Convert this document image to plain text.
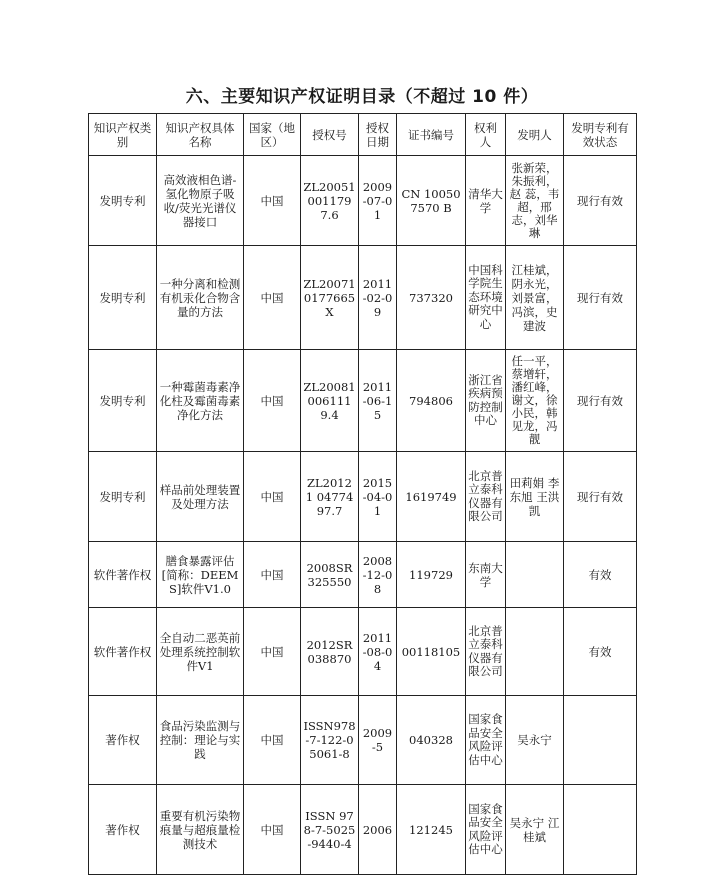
六、主要知识产权证明目录（不超过 10 件）
知识产权类别	知识产权具体名称	国家（地区）	授权号	授权日期	证书编号	权利人	发明人	发明专利有效状态
发明专利	高效液相色谱-氢化物原子吸收/荧光光谱仪器接口	中国	ZL200510011797.6	2009-07-01	CN 100507570 B	清华大学	张新荣，朱振利，赵 蕊，韦 超，邢 志，刘华琳	现行有效
发明专利	一种分离和检测有机汞化合物含量的方法	中国	ZL200710177665X	2011-02-09	737320	中国科学院生态环境研究中心	江桂斌，阴永光，刘景富，冯滨，史建波	现行有效
发明专利	一种霉菌毒素净化柱及霉菌毒素净化方法	中国	ZL200810061119.4	2011-06-15	794806	浙江省疾病预防控制中心	任一平，蔡增轩，潘红峰，谢文，徐小民，韩见龙，冯靓	现行有效
发明专利	样品前处理装置及处理方法	中国	ZL2012 1 0477497.7	2015-04-01	1619749	北京普立泰科仪器有限公司	田莉娟 李东旭 王洪凯	现行有效
软件著作权	膳食暴露评估[简称：DEEMS]软件V1.0	中国	2008SR325550	2008-12-08	119729	东南大学		有效
软件著作权	全自动二恶英前处理系统控制软件V1	中国	2012SR038870	2011-08-04	00118105	北京普立泰科仪器有限公司		有效
著作权	食品污染监测与控制：理论与实践	中国	ISSN978-7-122-05061-8	2009-5	040328	国家食品安全风险评估中心	吴永宁	
著作权	重要有机污染物痕量与超痕量检测技术	中国	ISSN 978-7-5025-9440-4	2006	121245	国家食品安全风险评估中心	吴永宁 江桂斌	
